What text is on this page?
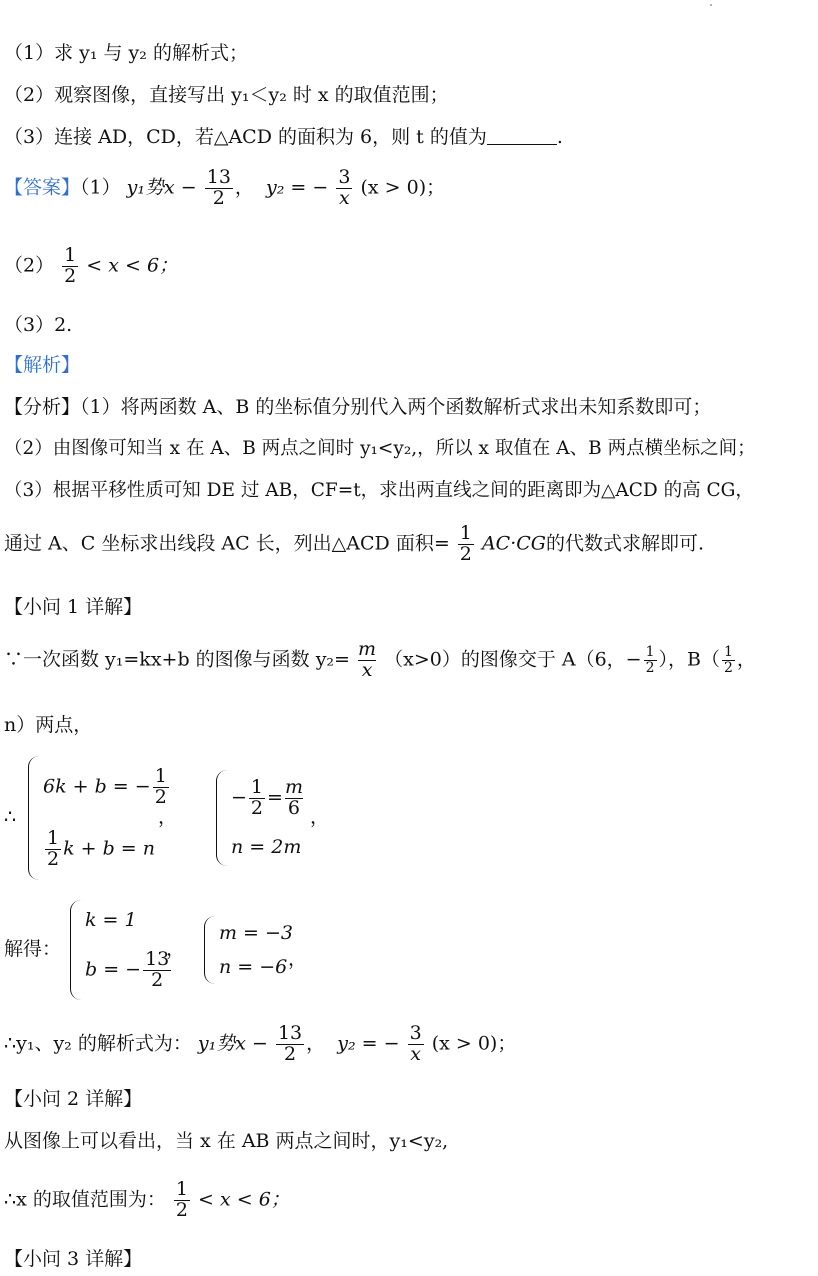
（1）求 y₁ 与 y₂ 的解析式；
（2）观察图像，直接写出 y₁＜y₂ 时 x 的取值范围；
（3）连接 AD，CD，若△ACD 的面积为 6，则 t 的值为	.
【答案】（1） y₁势$x - \frac{13}{2}$ ，  y₂ = − $\frac{3}{x} (x > 0)$；
$(2) \frac{1}{2} < x < 6$；
（3）2.
【解析】
【分析】（1）将两函数 A、B 的坐标值分别代入两个函数解析式求出未知系数即可；
（2）由图像可知当 x 在 A、B 两点之间时 y₁<y₂,，所以 x 取值在 A、B 两点横坐标之间；
（3）根据平移性质可知 DE 过 AB，CF=t，求出两直线之间的距离即为△ACD 的高 CG，
通过 A、C 坐标求出线段 AC 长，列出△ACD 面积= $\frac{1}{2} AC\cdot CG$的代数式求解即可.
【小问 1 详解】
∵一次函数 y₁=kx+b 的图像与函数 $y_2= \frac{m}{x} (x>0)$的图像交于 A（6，− $\frac{1}{2}$ ），$B( \frac{1}{2}$ ，
n）两点，
∴
6k + b = − $\frac{1}{2}$
$\frac{1}{2}$ k + b = n
，
− $\frac{1}{2} = \frac{m}{6}$
n = 2m
，
解得：
k = 1
b = − $\frac{13}{2}$
，
m = −3
n = −6 ，
∴y₁、y₂ 的解析式为： y₁势$x - \frac{13}{2}$ ，  y₂ = − $\frac{3}{x} (x > 0)$；
【小问 2 详解】
从图像上可以看出，当 x 在 AB 两点之间时，y₁<y₂,
∴x 的取值范围为： $\frac{1}{2} < x < 6$；
【小问 3 详解】
